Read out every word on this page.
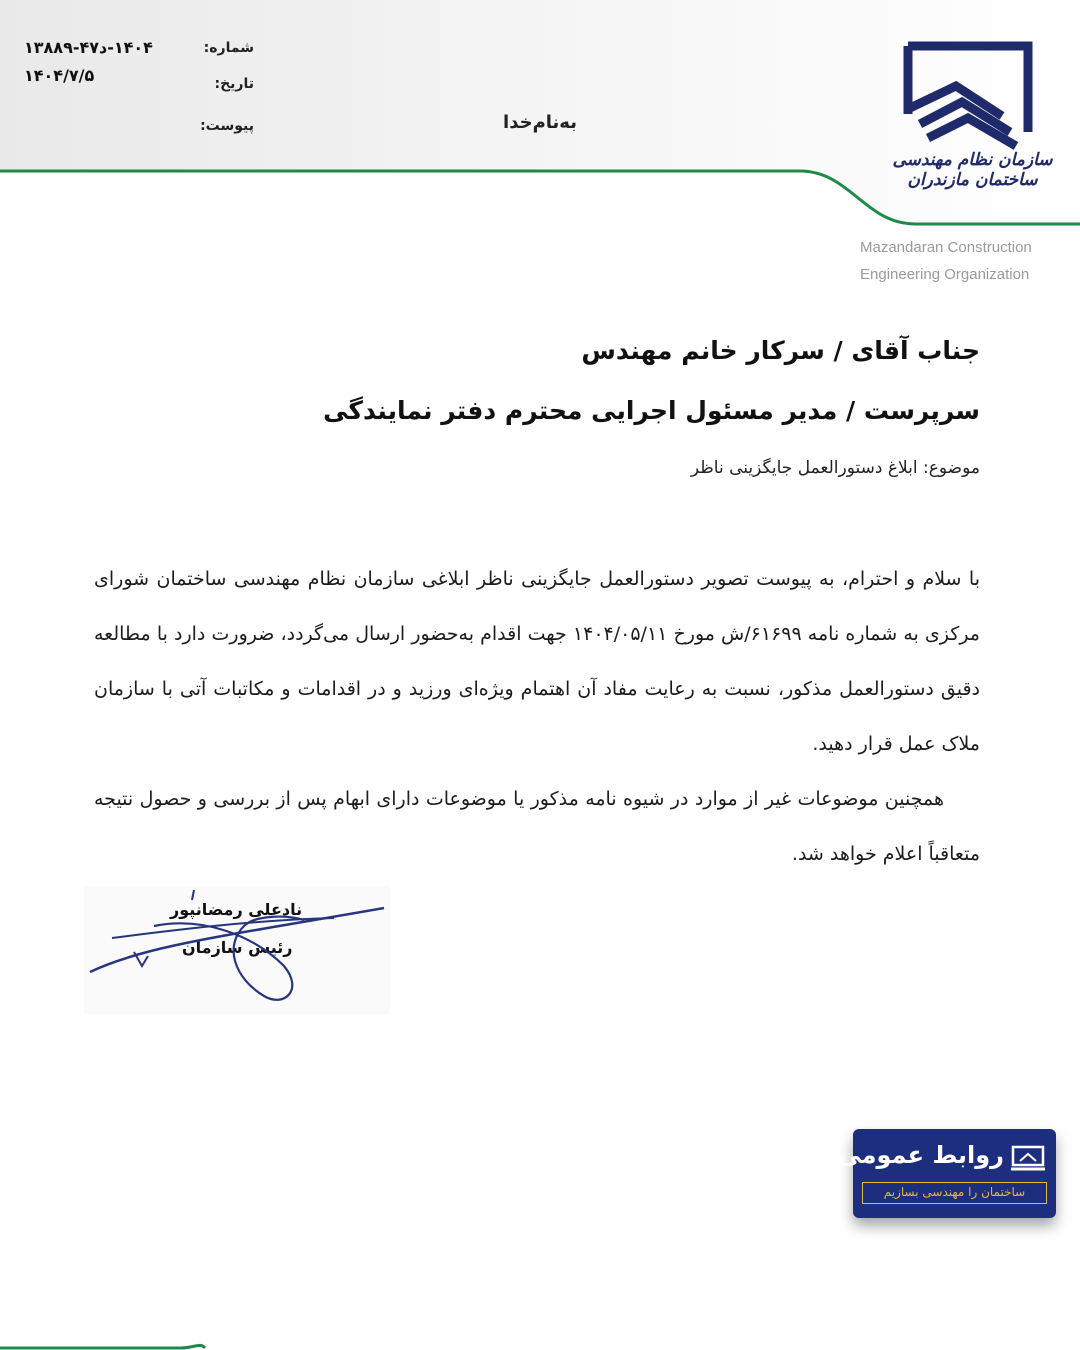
شماره:
۱۴۰۴-د۴۷-۱۳۸۸۹
تاریخ:
۱۴۰۴/۷/۵
پیوست:	به‌نام‌خدا
سازمان نظام مهندسی ساختمان مازندران
Mazandaran Construction
Engineering Organization
جناب آقای / سرکار خانم مهندس
سرپرست / مدیر مسئول اجرایی محترم دفتر نمایندگی
موضوع: ابلاغ دستورالعمل جایگزینی ناظر

با سلام و احترام، به پیوست تصویر دستورالعمل جایگزینی ناظر ابلاغی سازمان نظام مهندسی ساختمان شورای مرکزی به شماره نامه ۶۱۶۹۹/ش مورخ ۱۴۰۴/۰۵/۱۱ جهت اقدام به‌حضور ارسال می‌گردد، ضرورت دارد با مطالعه دقیق دستورالعمل مذکور، نسبت به رعایت مفاد آن اهتمام ویژه‌ای ورزید و در اقدامات و مکاتبات آتی با سازمان ملاک عمل قرار دهید.

همچنین موضوعات غیر از موارد در شیوه نامه مذکور یا موضوعات دارای ابهام پس از بررسی و حصول نتیجه متعاقباً اعلام خواهد شد.

نادعلی رمضانپور
رئیس سازمان
روابط عمومی
ساختمان را مهندسی بسازیم
